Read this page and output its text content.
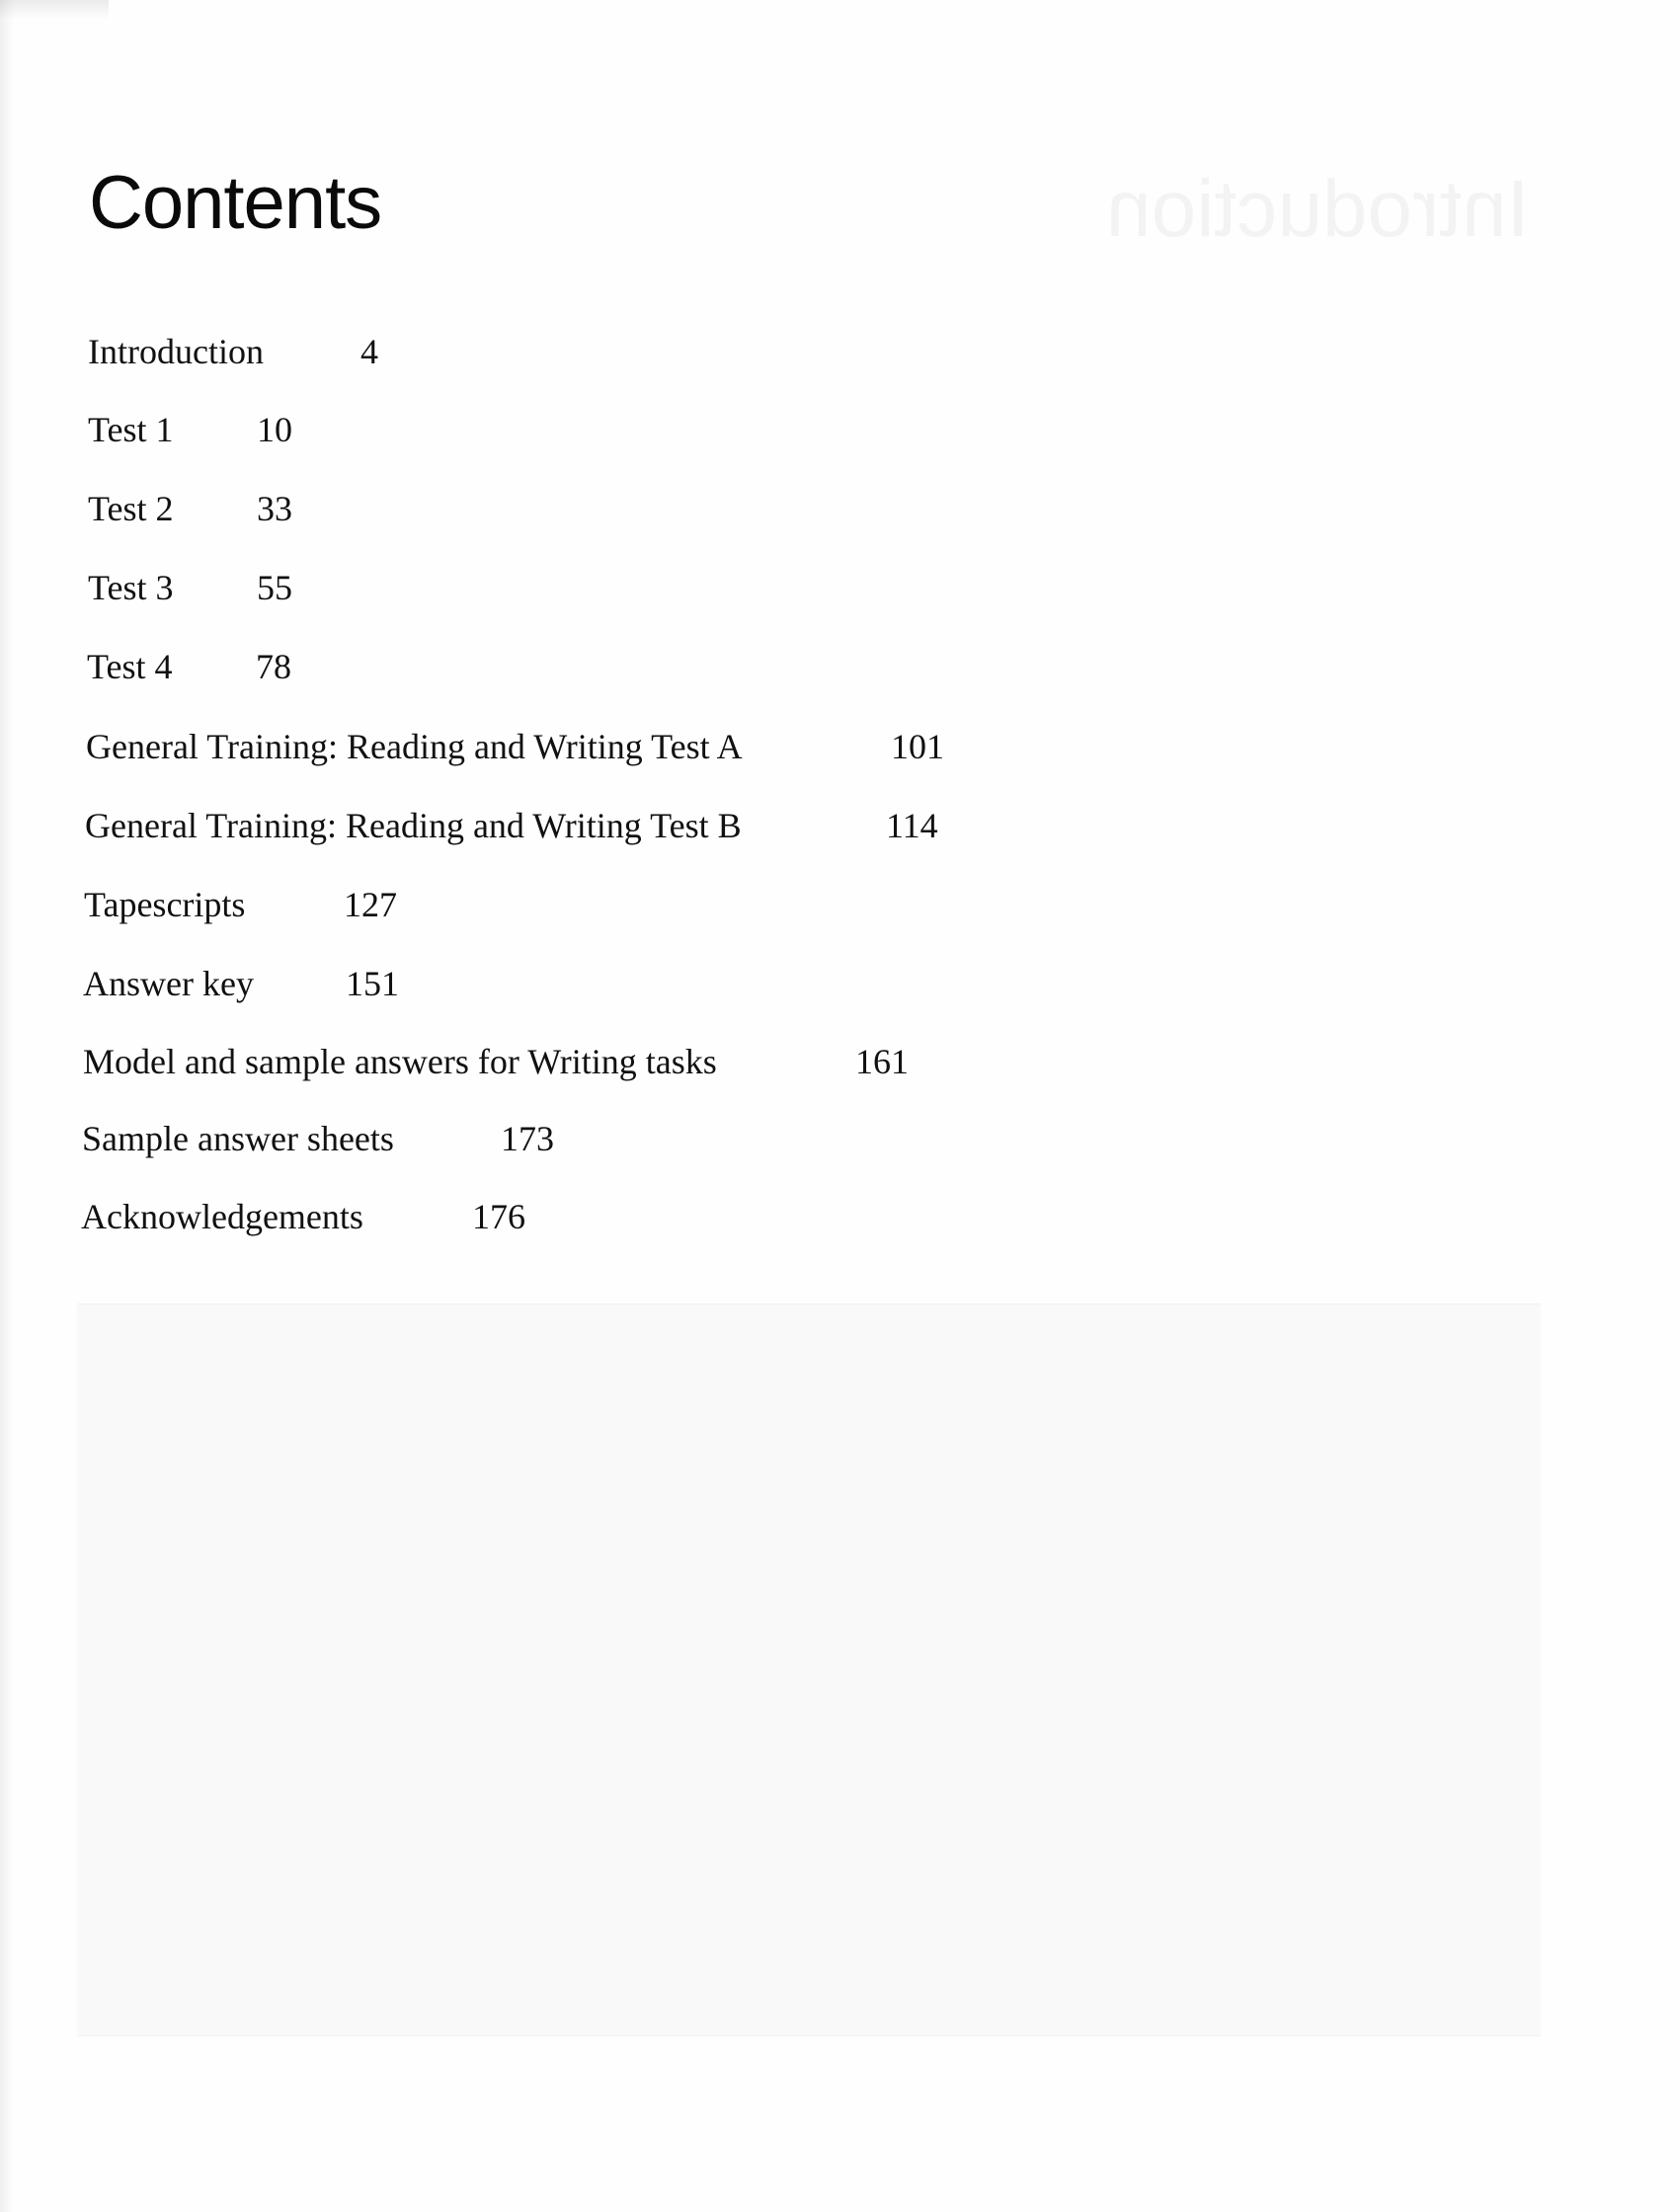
Contents
Introduction	4
Test 1 10
Test 2 33
Test 3 55
Test 4 78
General Training: Reading and Writing Test A	101
General Training: Reading and Writing Test B	114
Tapescripts	127
Answer key	151
Model and sample answers for Writing tasks	161
Sample answer sheets	173
Acknowledgements	176
